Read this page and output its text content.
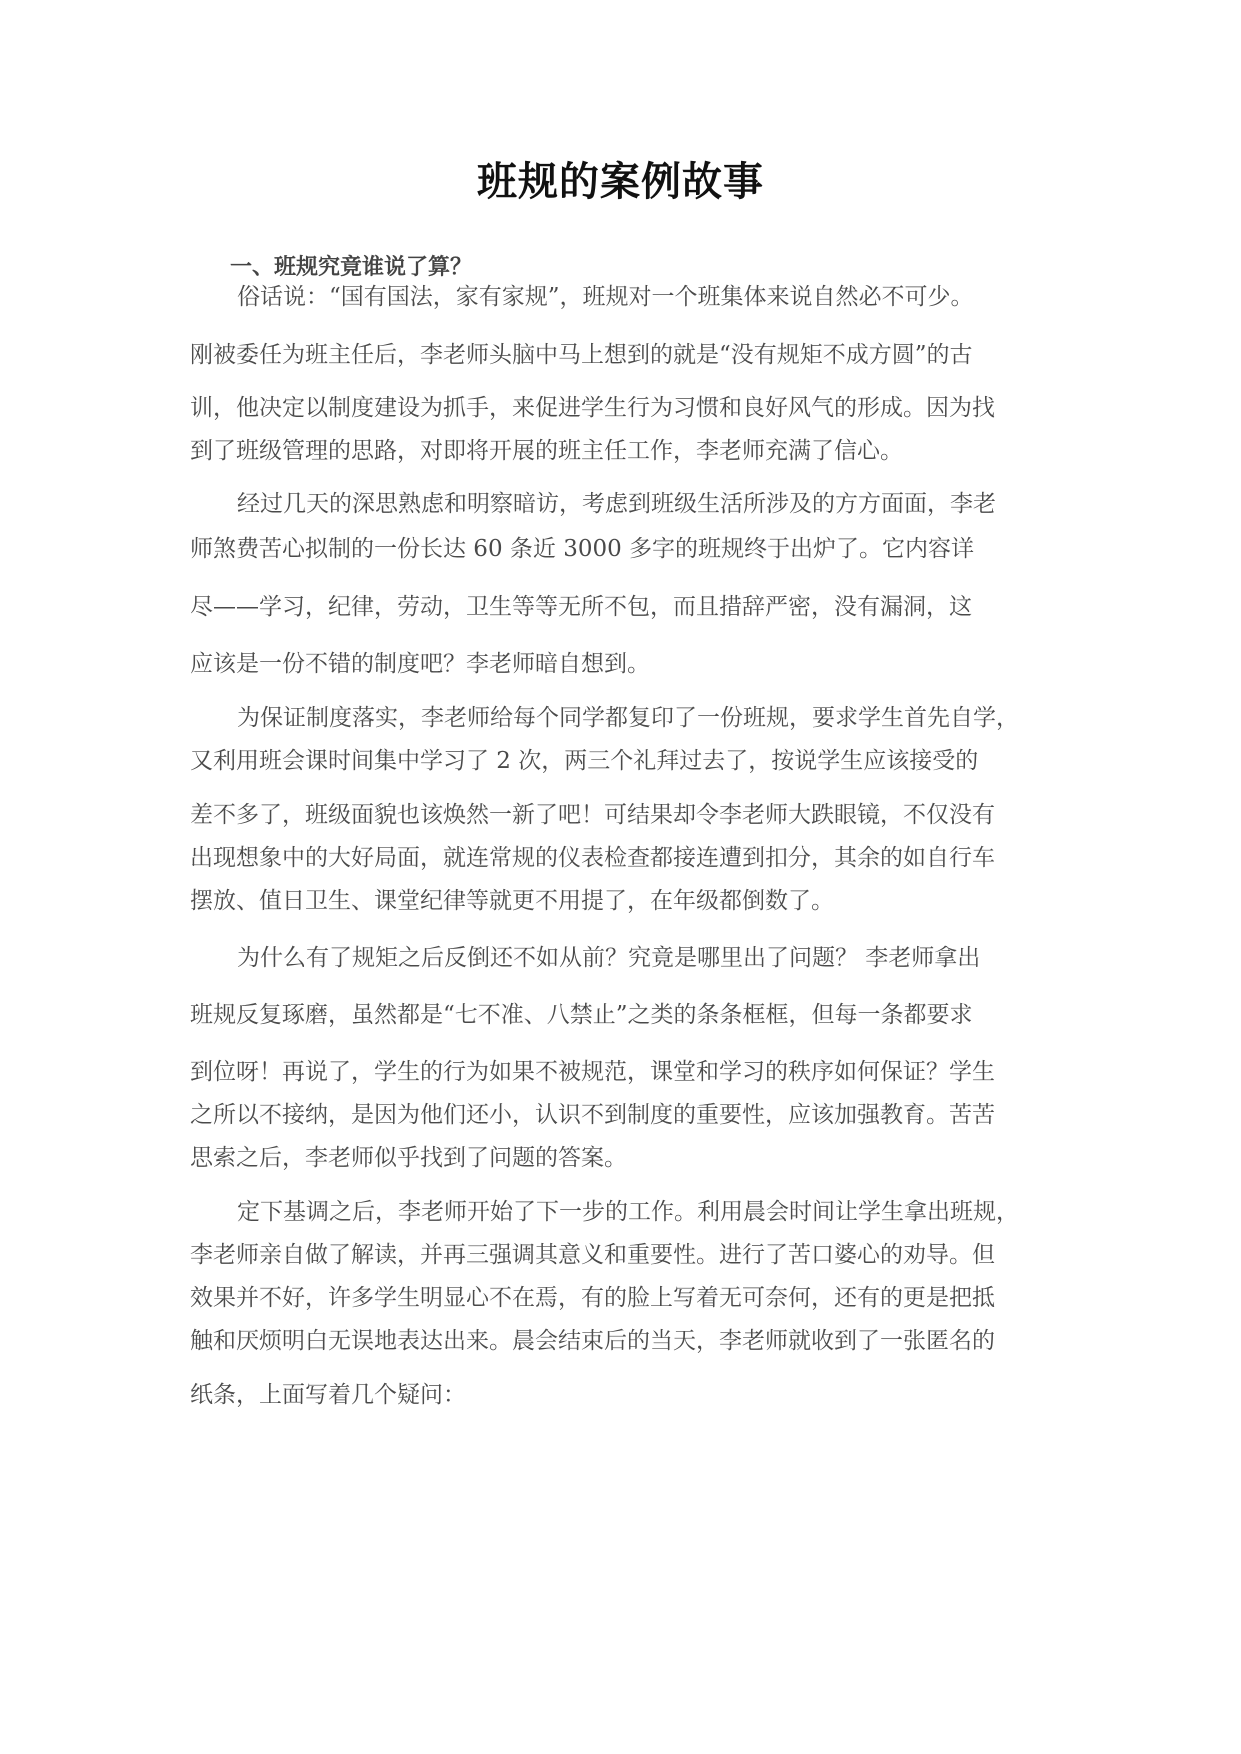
班规的案例故事
一、班规究竟谁说了算？

俗话说：“国有国法，家有家规”，班规对一个班集体来说自然必不可少。

刚被委任为班主任后，李老师头脑中马上想到的就是“没有规矩不成方圆”的古

训，他决定以制度建设为抓手，来促进学生行为习惯和良好风气的形成。因为找

到了班级管理的思路，对即将开展的班主任工作，李老师充满了信心。

经过几天的深思熟虑和明察暗访，考虑到班级生活所涉及的方方面面，李老

师煞费苦心拟制的一份长达 60 条近 3000 多字的班规终于出炉了。它内容详

尽——学习，纪律，劳动，卫生等等无所不包，而且措辞严密，没有漏洞，这

应该是一份不错的制度吧？李老师暗自想到。

为保证制度落实，李老师给每个同学都复印了一份班规，要求学生首先自学，

又利用班会课时间集中学习了 2 次，两三个礼拜过去了，按说学生应该接受的

差不多了，班级面貌也该焕然一新了吧！可结果却令李老师大跌眼镜，不仅没有

出现想象中的大好局面，就连常规的仪表检查都接连遭到扣分，其余的如自行车

摆放、值日卫生、课堂纪律等就更不用提了，在年级都倒数了。

为什么有了规矩之后反倒还不如从前？究竟是哪里出了问题？ 李老师拿出

班规反复琢磨，虽然都是“七不准、八禁止”之类的条条框框，但每一条都要求

到位呀！再说了，学生的行为如果不被规范，课堂和学习的秩序如何保证？学生

之所以不接纳，是因为他们还小，认识不到制度的重要性，应该加强教育。苦苦

思索之后，李老师似乎找到了问题的答案。

定下基调之后，李老师开始了下一步的工作。利用晨会时间让学生拿出班规，

李老师亲自做了解读，并再三强调其意义和重要性。进行了苦口婆心的劝导。但

效果并不好，许多学生明显心不在焉，有的脸上写着无可奈何，还有的更是把抵

触和厌烦明白无误地表达出来。晨会结束后的当天，李老师就收到了一张匿名的

纸条，上面写着几个疑问：
